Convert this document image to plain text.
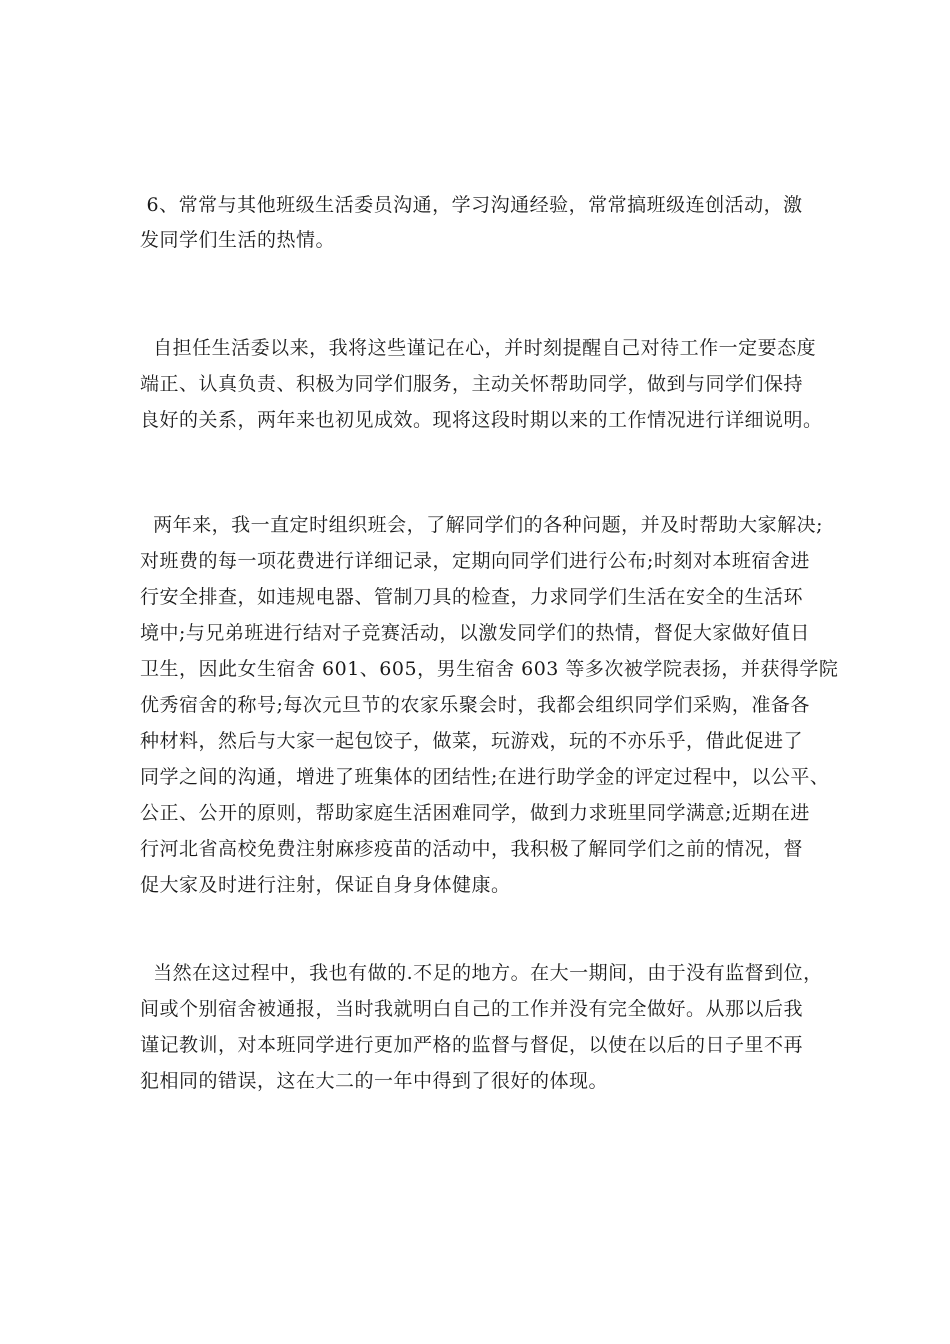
6、常常与其他班级生活委员沟通，学习沟通经验，常常搞班级连创活动，激
发同学们生活的热情。
自担任生活委以来，我将这些谨记在心，并时刻提醒自己对待工作一定要态度
端正、认真负责、积极为同学们服务，主动关怀帮助同学，做到与同学们保持
良好的关系，两年来也初见成效。现将这段时期以来的工作情况进行详细说明。
两年来，我一直定时组织班会，了解同学们的各种问题，并及时帮助大家解决;
对班费的每一项花费进行详细记录，定期向同学们进行公布;时刻对本班宿舍进
行安全排查，如违规电器、管制刀具的检查，力求同学们生活在安全的生活环
境中;与兄弟班进行结对子竞赛活动，以激发同学们的热情，督促大家做好值日
卫生，因此女生宿舍 601、605，男生宿舍 603 等多次被学院表扬，并获得学院
优秀宿舍的称号;每次元旦节的农家乐聚会时，我都会组织同学们采购，准备各
种材料，然后与大家一起包饺子，做菜，玩游戏，玩的不亦乐乎，借此促进了
同学之间的沟通，增进了班集体的团结性;在进行助学金的评定过程中，以公平、
公正、公开的原则，帮助家庭生活困难同学，做到力求班里同学满意;近期在进
行河北省高校免费注射麻疹疫苗的活动中，我积极了解同学们之前的情况，督
促大家及时进行注射，保证自身身体健康。
当然在这过程中，我也有做的.不足的地方。在大一期间，由于没有监督到位，
间或个别宿舍被通报，当时我就明白自己的工作并没有完全做好。从那以后我
谨记教训，对本班同学进行更加严格的监督与督促，以使在以后的日子里不再
犯相同的错误，这在大二的一年中得到了很好的体现。
